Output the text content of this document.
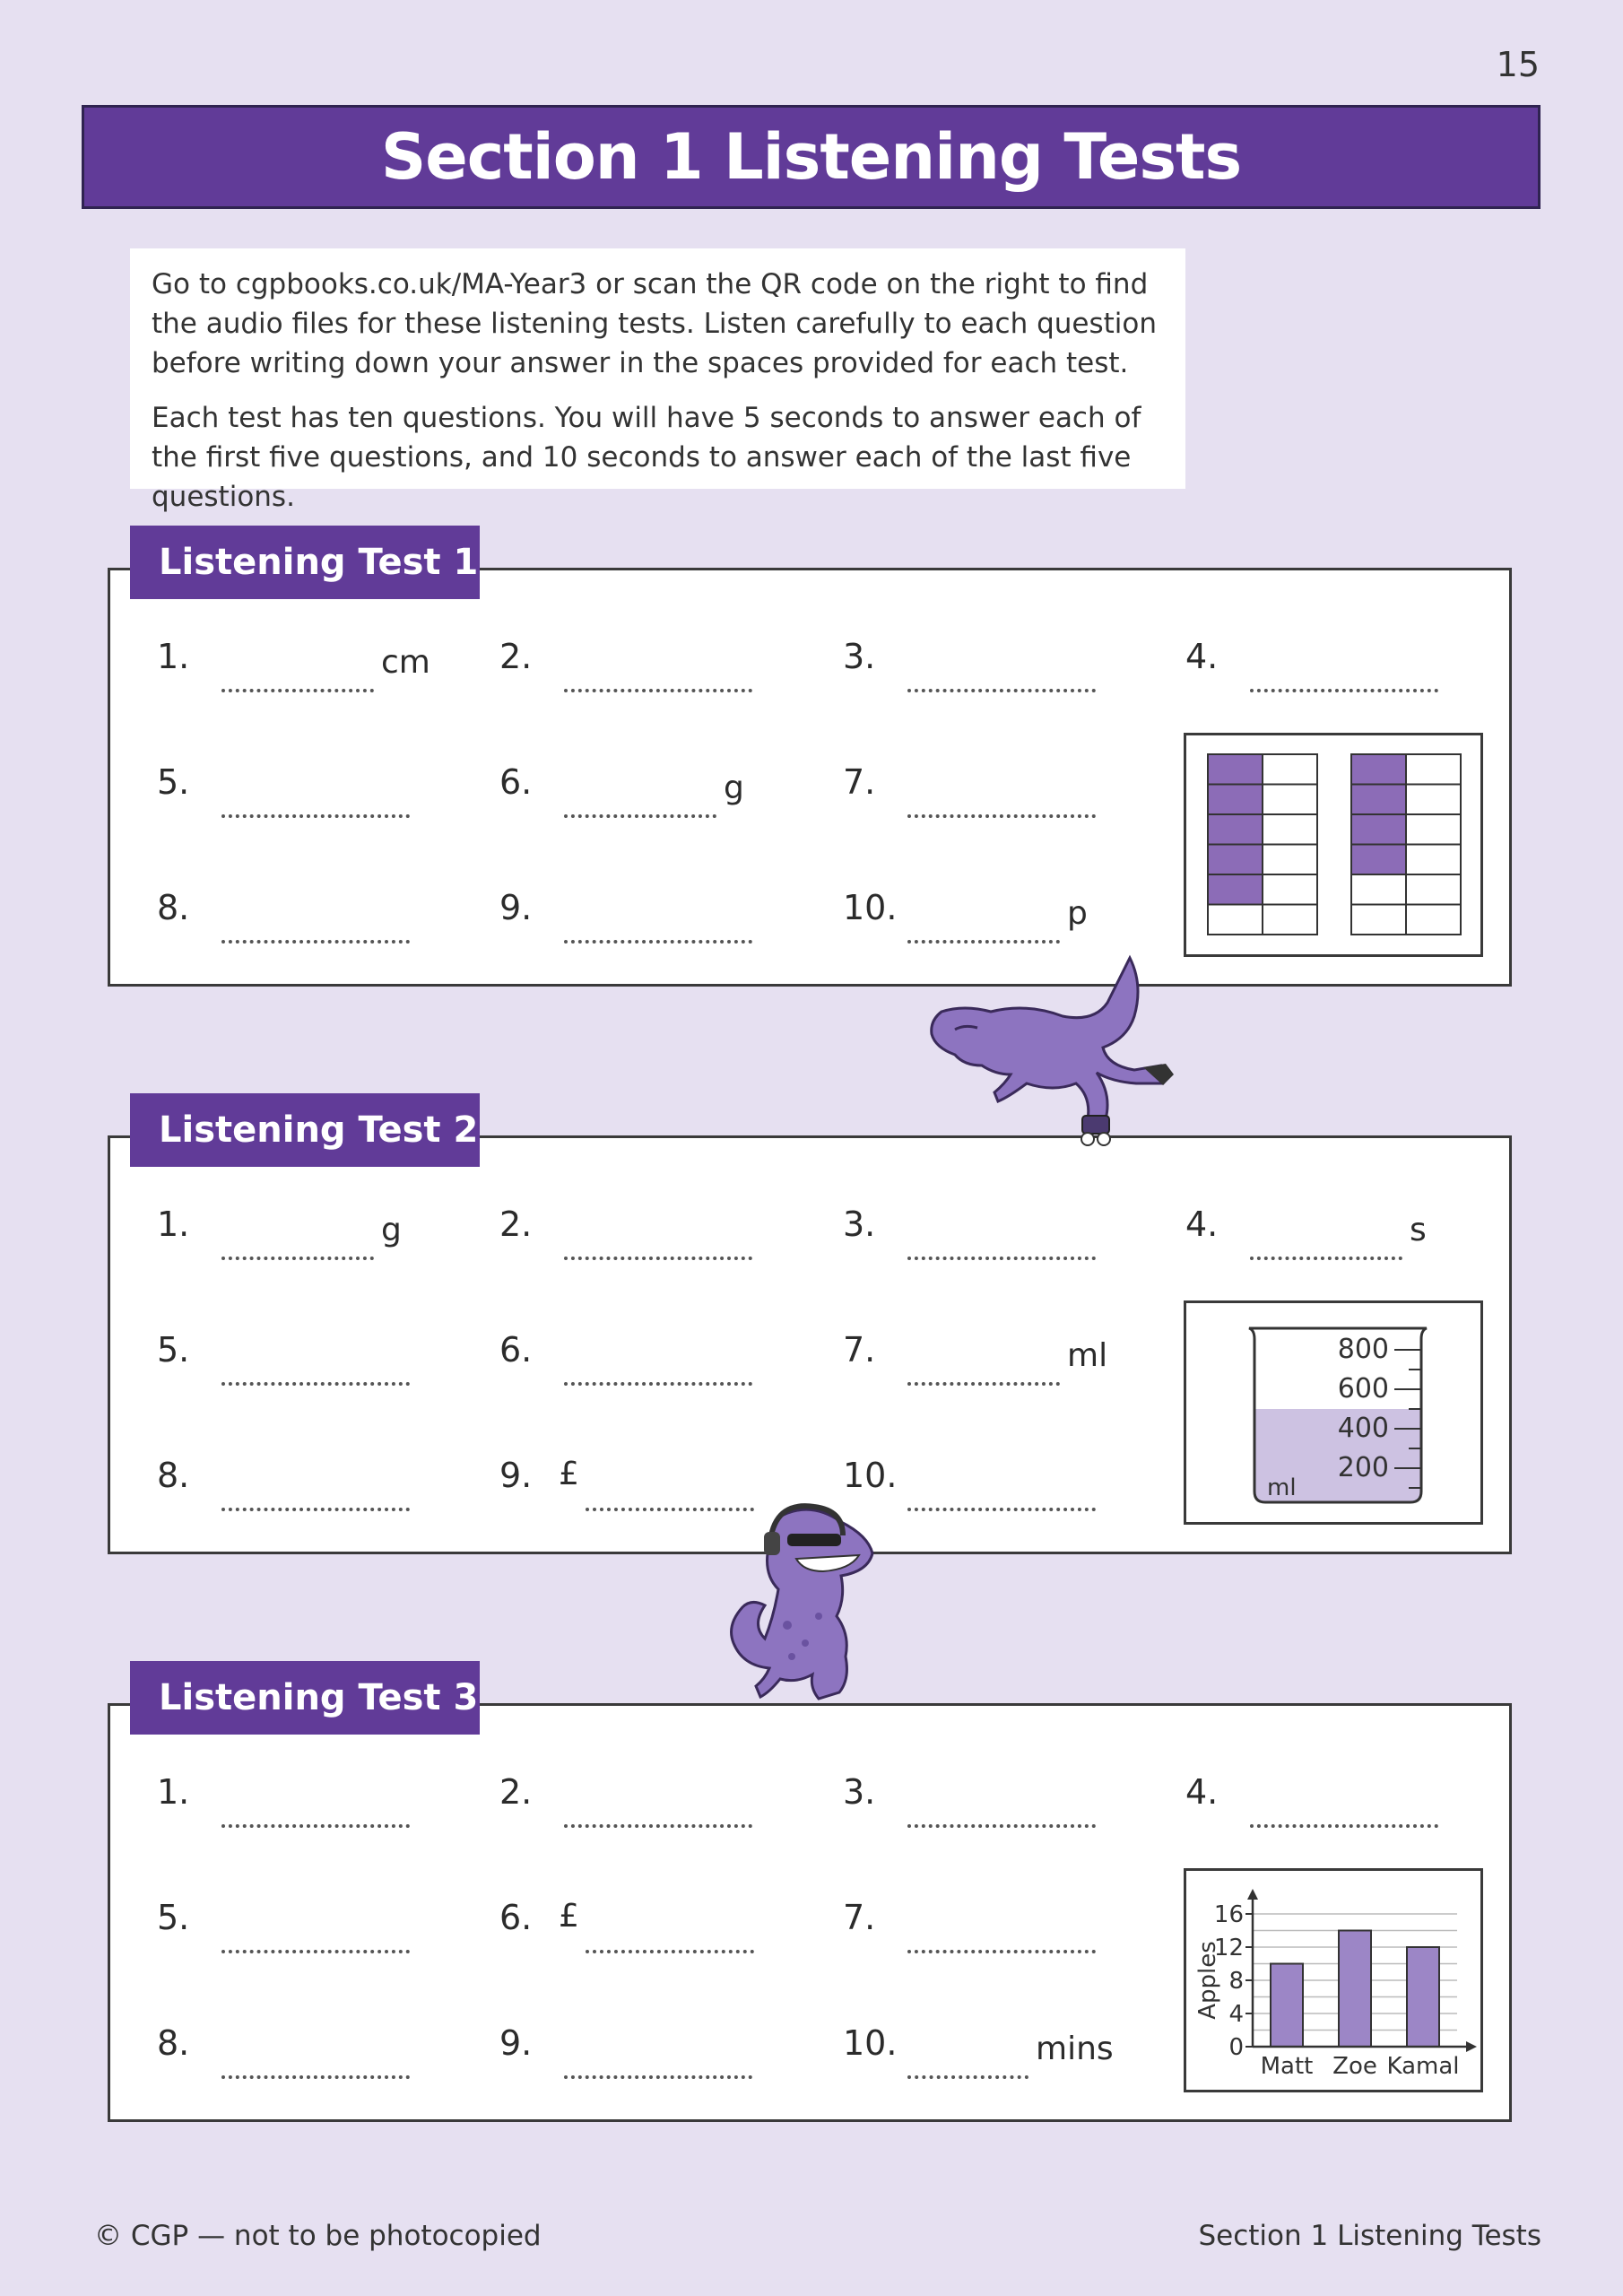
15
Section 1 Listening Tests

Go to cgpbooks.co.uk/MA-Year3 or scan the QR code on the right to find the audio files for these listening tests. Listen carefully to each question before writing down your answer in the spaces provided for each test.

Each test has ten questions. You will have 5 seconds to answer each of the first five questions, and 10 seconds to answer each of the last five questions.

Listening Test 1
Listening Test 2
Listening Test 3
800
600
400
200
ml
Matt Zoe Kamal
0
4
8
12
16
Apples
© CGP — not to be photocopied	Section 1 Listening Tests
1.	cm 2.	3.	4.
5.	6.	g	7.
8.	9.	10.	p
1.	g	2.	3.	4.	s
5.	6.	7.	ml
8.	9. £	10.
1.	2.	3.	4.
5.	6. £	7.
8.	9.	10.	mins
